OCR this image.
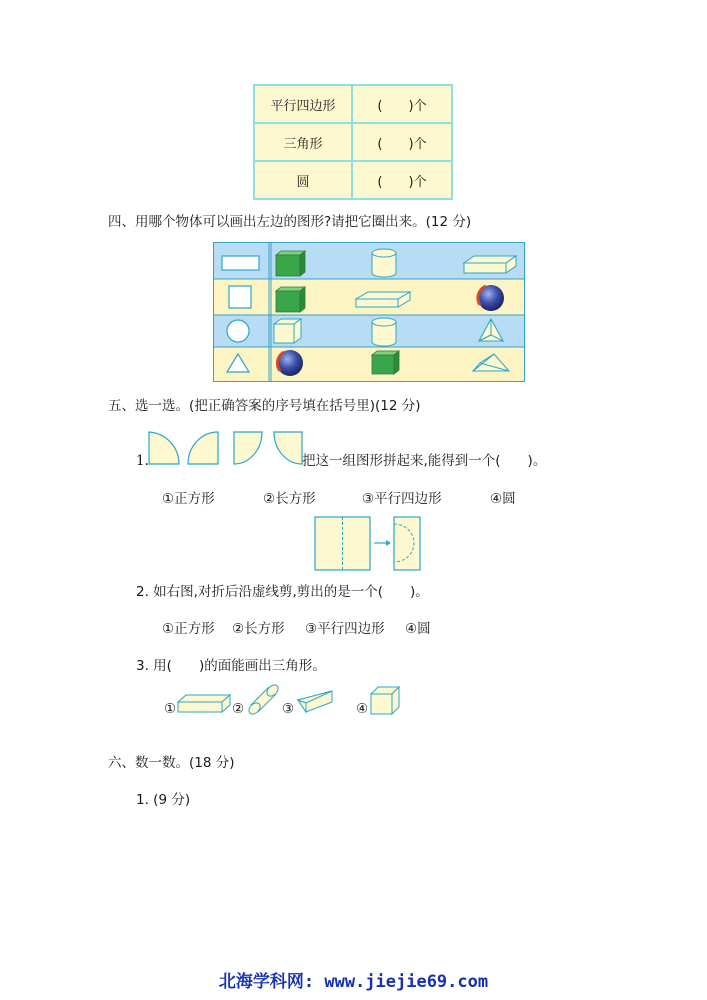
平行四边形	(　　)个
三角形	(　　)个
圆	(　　)个
四、用哪个物体可以画出左边的图形?请把它圈出来。(12 分)
五、选一选。(把正确答案的序号填在括号里)(12 分)
1.	把这一组图形拼起来,能得到一个(　　)。
①正方形	②长方形	③平行四边形	④圆
2. 如右图,对折后沿虚线剪,剪出的是一个(　　)。
①正方形 ②长方形 ③平行四边形 ④圆
3. 用(　　)的面能画出三角形。
①	②	③	④
六、数一数。(18 分)
1. (9 分)
北海学科网: www.jiejie69.com
